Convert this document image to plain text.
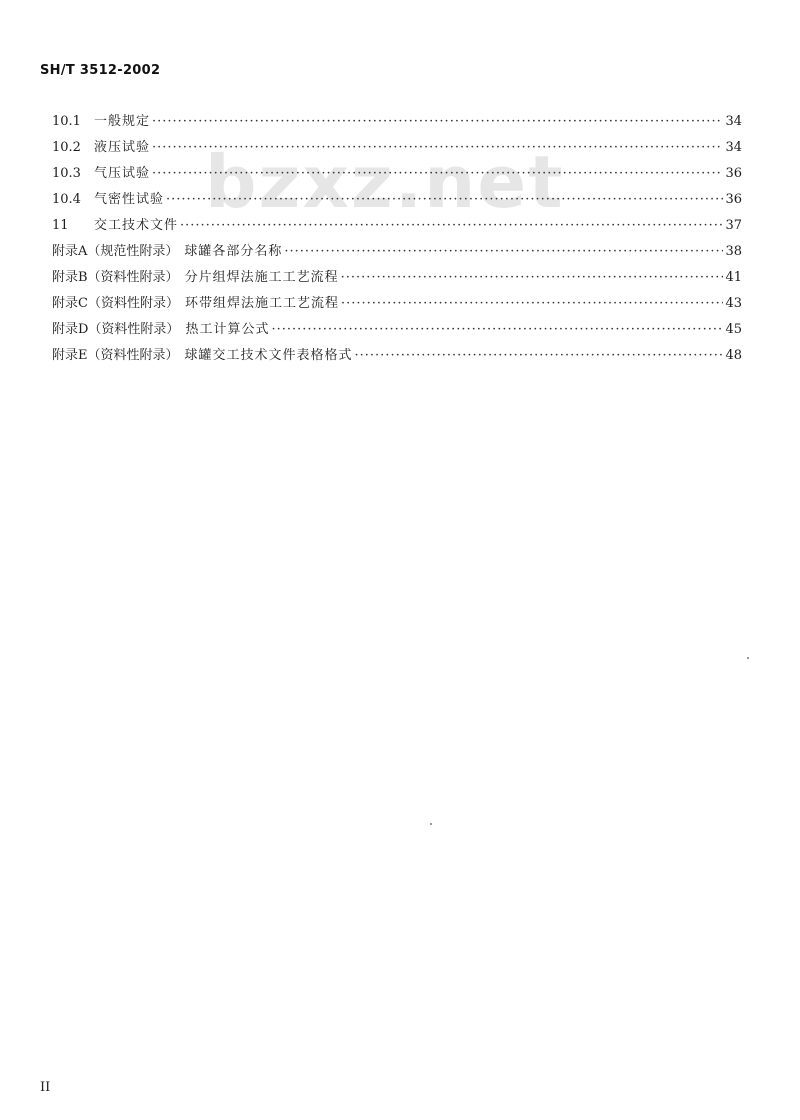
SH/T 3512-2002
bzxz.net
10.1	一般规定 ·····	34
10.2	液压试验 ·····	34
10.3	气压试验 ·····	36
10.4	气密性试验 ·····	36
11	交工技术文件 ·····	37
附录A（规范性附录） 球罐各部分名称 ·····	38
附录B（资料性附录） 分片组焊法施工工艺流程 ·····	41
附录C（资料性附录） 环带组焊法施工工艺流程 ·····	43
附录D（资料性附录） 热工计算公式 ·····	45
附录E（资料性附录） 球罐交工技术文件表格格式 ·····	48
II
